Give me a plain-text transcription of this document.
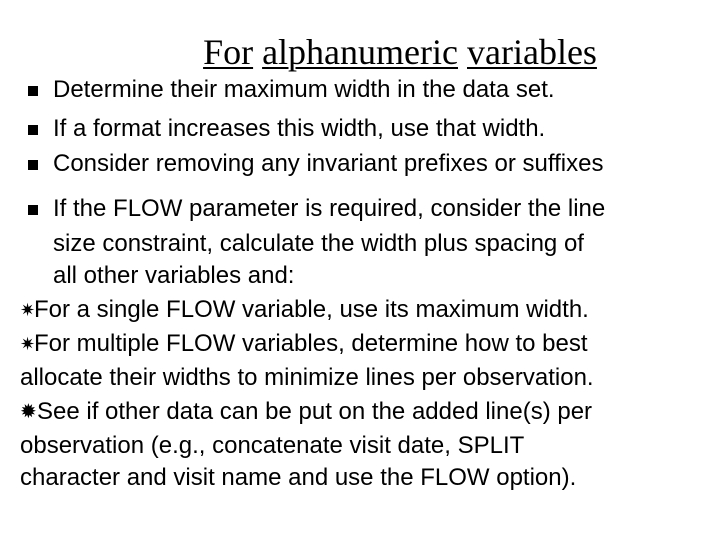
For alphanumeric variables
Determine their maximum width in the data set.
If a format increases this width, use that width.
Consider removing any invariant prefixes or suffixes
If the FLOW parameter is required, consider the line
size constraint, calculate the width plus spacing of
all other variables and:
✷For a single FLOW variable, use its maximum width.
✷For multiple FLOW variables, determine how to best
allocate their widths to minimize lines per observation.
✹See if other data can be put on the added line(s) per
observation (e.g., concatenate visit date, SPLIT
character and visit name and use the FLOW option).
